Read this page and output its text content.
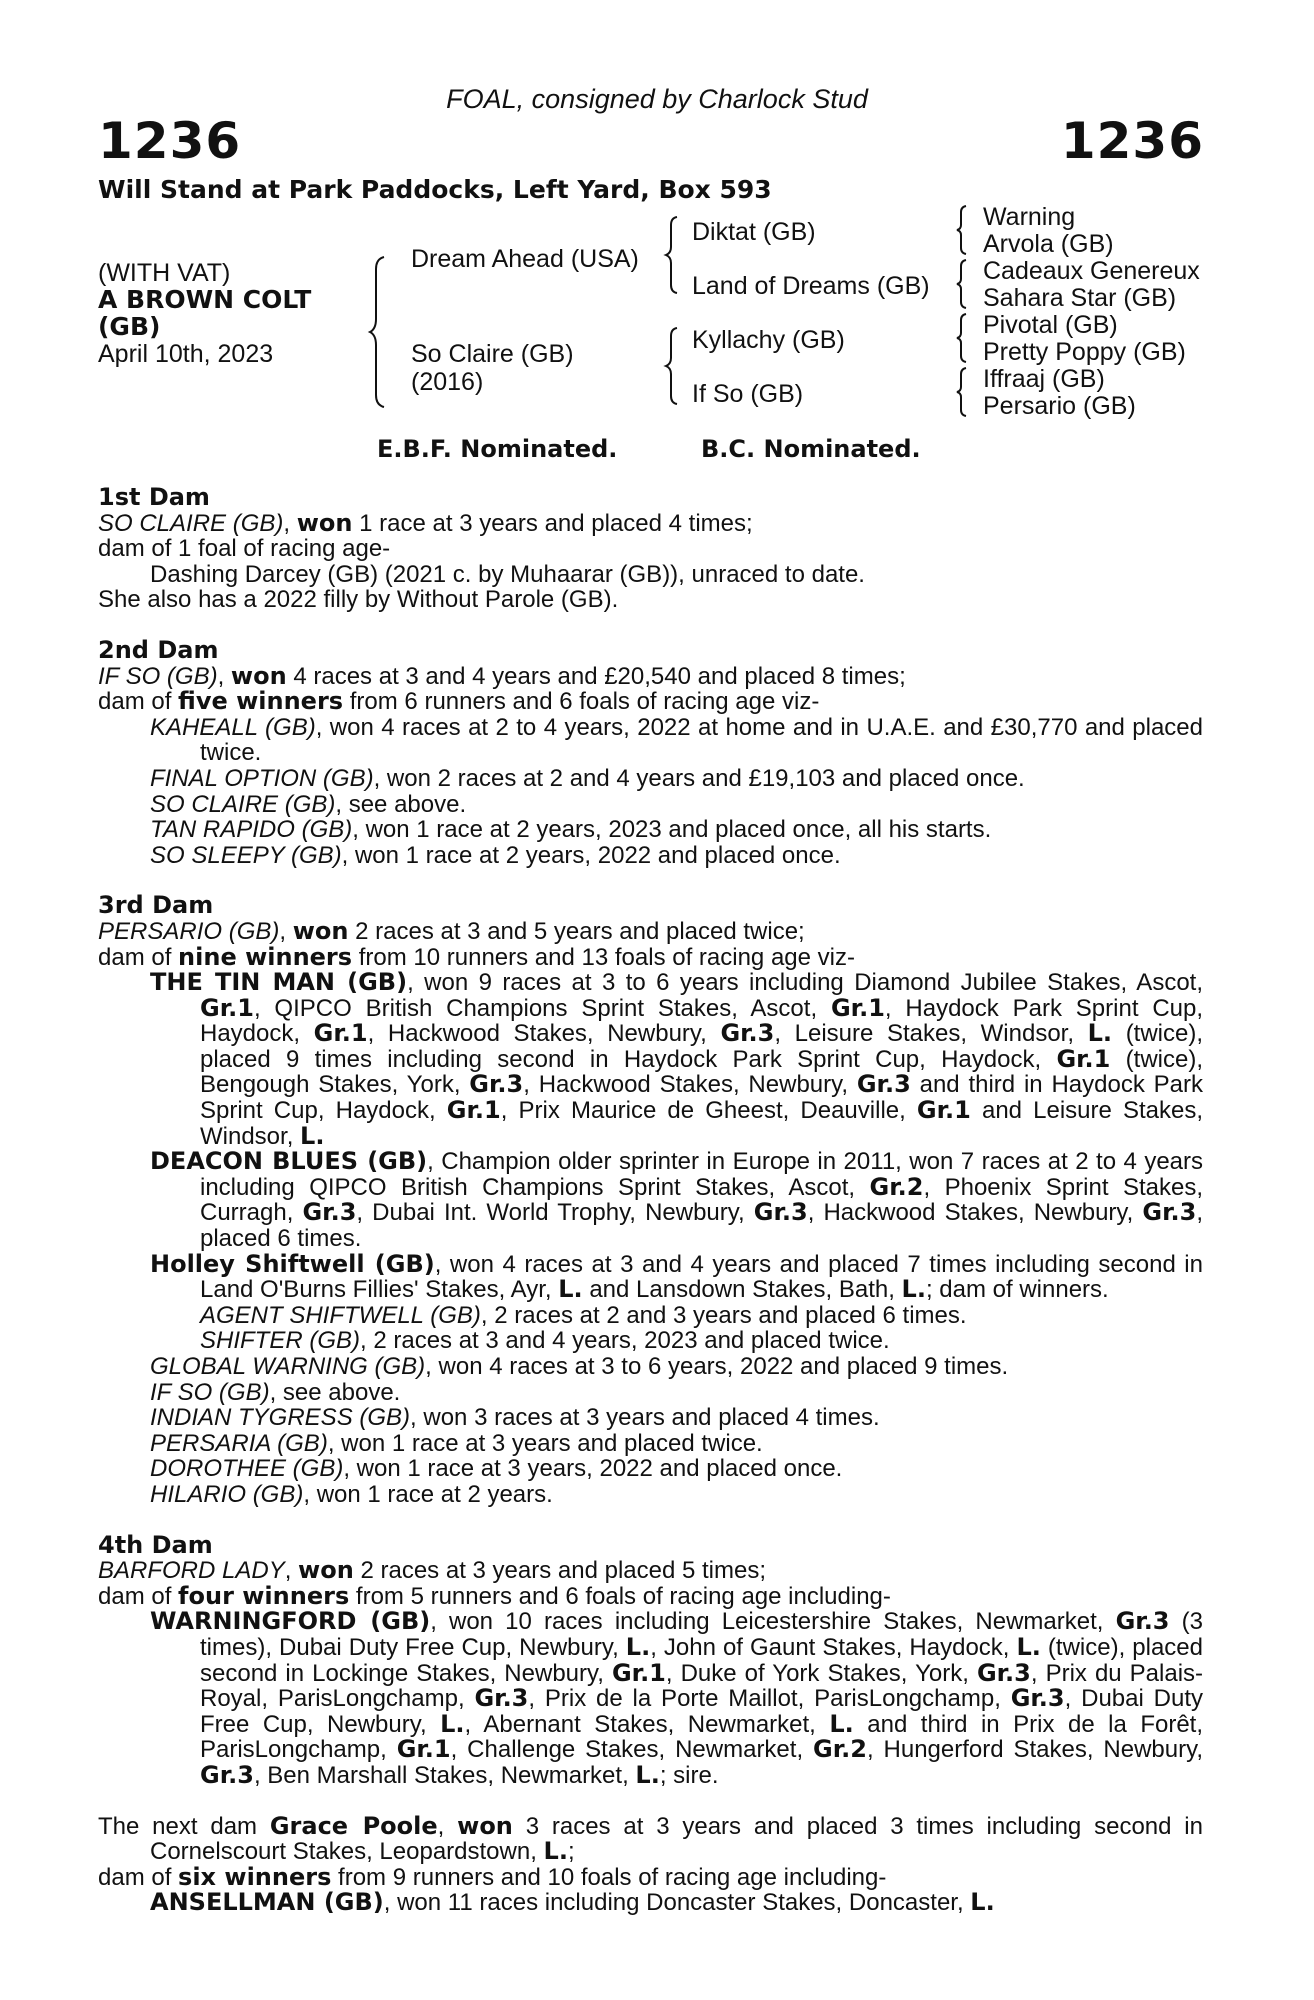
FOAL, consigned by Charlock Stud
1236	1236
Will Stand at Park Paddocks, Left Yard, Box 593
(WITH VAT)
A BROWN COLT
(GB)
April 10th, 2023
Dream Ahead (USA)
So Claire (GB)
(2016)
Diktat (GB)
Land of Dreams (GB)
Kyllachy (GB)
If So (GB)
Warning
Arvola (GB)
Cadeaux Genereux
Sahara Star (GB)
Pivotal (GB)
Pretty Poppy (GB)
Iffraaj (GB)
Persario (GB)
E.B.F. Nominated.	B.C. Nominated.

1st Dam

SO CLAIRE (GB), won 1 race at 3 years and placed 4 times;

dam of 1 foal of racing age-

Dashing Darcey (GB) (2021 c. by Muhaarar (GB)), unraced to date.

She also has a 2022 filly by Without Parole (GB).

2nd Dam

IF SO (GB), won 4 races at 3 and 4 years and £20,540 and placed 8 times;

dam of five winners from 6 runners and 6 foals of racing age viz-

KAHEALL (GB), won 4 races at 2 to 4 years, 2022 at home and in U.A.E. and £30,770 and placed twice.

FINAL OPTION (GB), won 2 races at 2 and 4 years and £19,103 and placed once.

SO CLAIRE (GB), see above.

TAN RAPIDO (GB), won 1 race at 2 years, 2023 and placed once, all his starts.

SO SLEEPY (GB), won 1 race at 2 years, 2022 and placed once.

3rd Dam

PERSARIO (GB), won 2 races at 3 and 5 years and placed twice;

dam of nine winners from 10 runners and 13 foals of racing age viz-

THE TIN MAN (GB), won 9 races at 3 to 6 years including Diamond Jubilee Stakes, Ascot, Gr.1, QIPCO British Champions Sprint Stakes, Ascot, Gr.1, Haydock Park Sprint Cup, Haydock, Gr.1, Hackwood Stakes, Newbury, Gr.3, Leisure Stakes, Windsor, L. (twice), placed 9 times including second in Haydock Park Sprint Cup, Haydock, Gr.1 (twice), Bengough Stakes, York, Gr.3, Hackwood Stakes, Newbury, Gr.3 and third in Haydock Park Sprint Cup, Haydock, Gr.1, Prix Maurice de Gheest, Deauville, Gr.1 and Leisure Stakes, Windsor, L.

DEACON BLUES (GB), Champion older sprinter in Europe in 2011, won 7 races at 2 to 4 years including QIPCO British Champions Sprint Stakes, Ascot, Gr.2, Phoenix Sprint Stakes, Curragh, Gr.3, Dubai Int. World Trophy, Newbury, Gr.3, Hackwood Stakes, Newbury, Gr.3, placed 6 times.

Holley Shiftwell (GB), won 4 races at 3 and 4 years and placed 7 times including second in Land O'Burns Fillies' Stakes, Ayr, L. and Lansdown Stakes, Bath, L.; dam of winners.

AGENT SHIFTWELL (GB), 2 races at 2 and 3 years and placed 6 times.

SHIFTER (GB), 2 races at 3 and 4 years, 2023 and placed twice.

GLOBAL WARNING (GB), won 4 races at 3 to 6 years, 2022 and placed 9 times.

IF SO (GB), see above.

INDIAN TYGRESS (GB), won 3 races at 3 years and placed 4 times.

PERSARIA (GB), won 1 race at 3 years and placed twice.

DOROTHEE (GB), won 1 race at 3 years, 2022 and placed once.

HILARIO (GB), won 1 race at 2 years.

4th Dam

BARFORD LADY, won 2 races at 3 years and placed 5 times;

dam of four winners from 5 runners and 6 foals of racing age including-

WARNINGFORD (GB), won 10 races including Leicestershire Stakes, Newmarket, Gr.3 (3 times), Dubai Duty Free Cup, Newbury, L., John of Gaunt Stakes, Haydock, L. (twice), placed second in Lockinge Stakes, Newbury, Gr.1, Duke of York Stakes, York, Gr.3, Prix du Palais-Royal, ParisLongchamp, Gr.3, Prix de la Porte Maillot, ParisLongchamp, Gr.3, Dubai Duty Free Cup, Newbury, L., Abernant Stakes, Newmarket, L. and third in Prix de la Forêt, ParisLongchamp, Gr.1, Challenge Stakes, Newmarket, Gr.2, Hungerford Stakes, Newbury, Gr.3, Ben Marshall Stakes, Newmarket, L.; sire.

The next dam Grace Poole, won 3 races at 3 years and placed 3 times including second in Cornelscourt Stakes, Leopardstown, L.;

dam of six winners from 9 runners and 10 foals of racing age including-

ANSELLMAN (GB), won 11 races including Doncaster Stakes, Doncaster, L.
